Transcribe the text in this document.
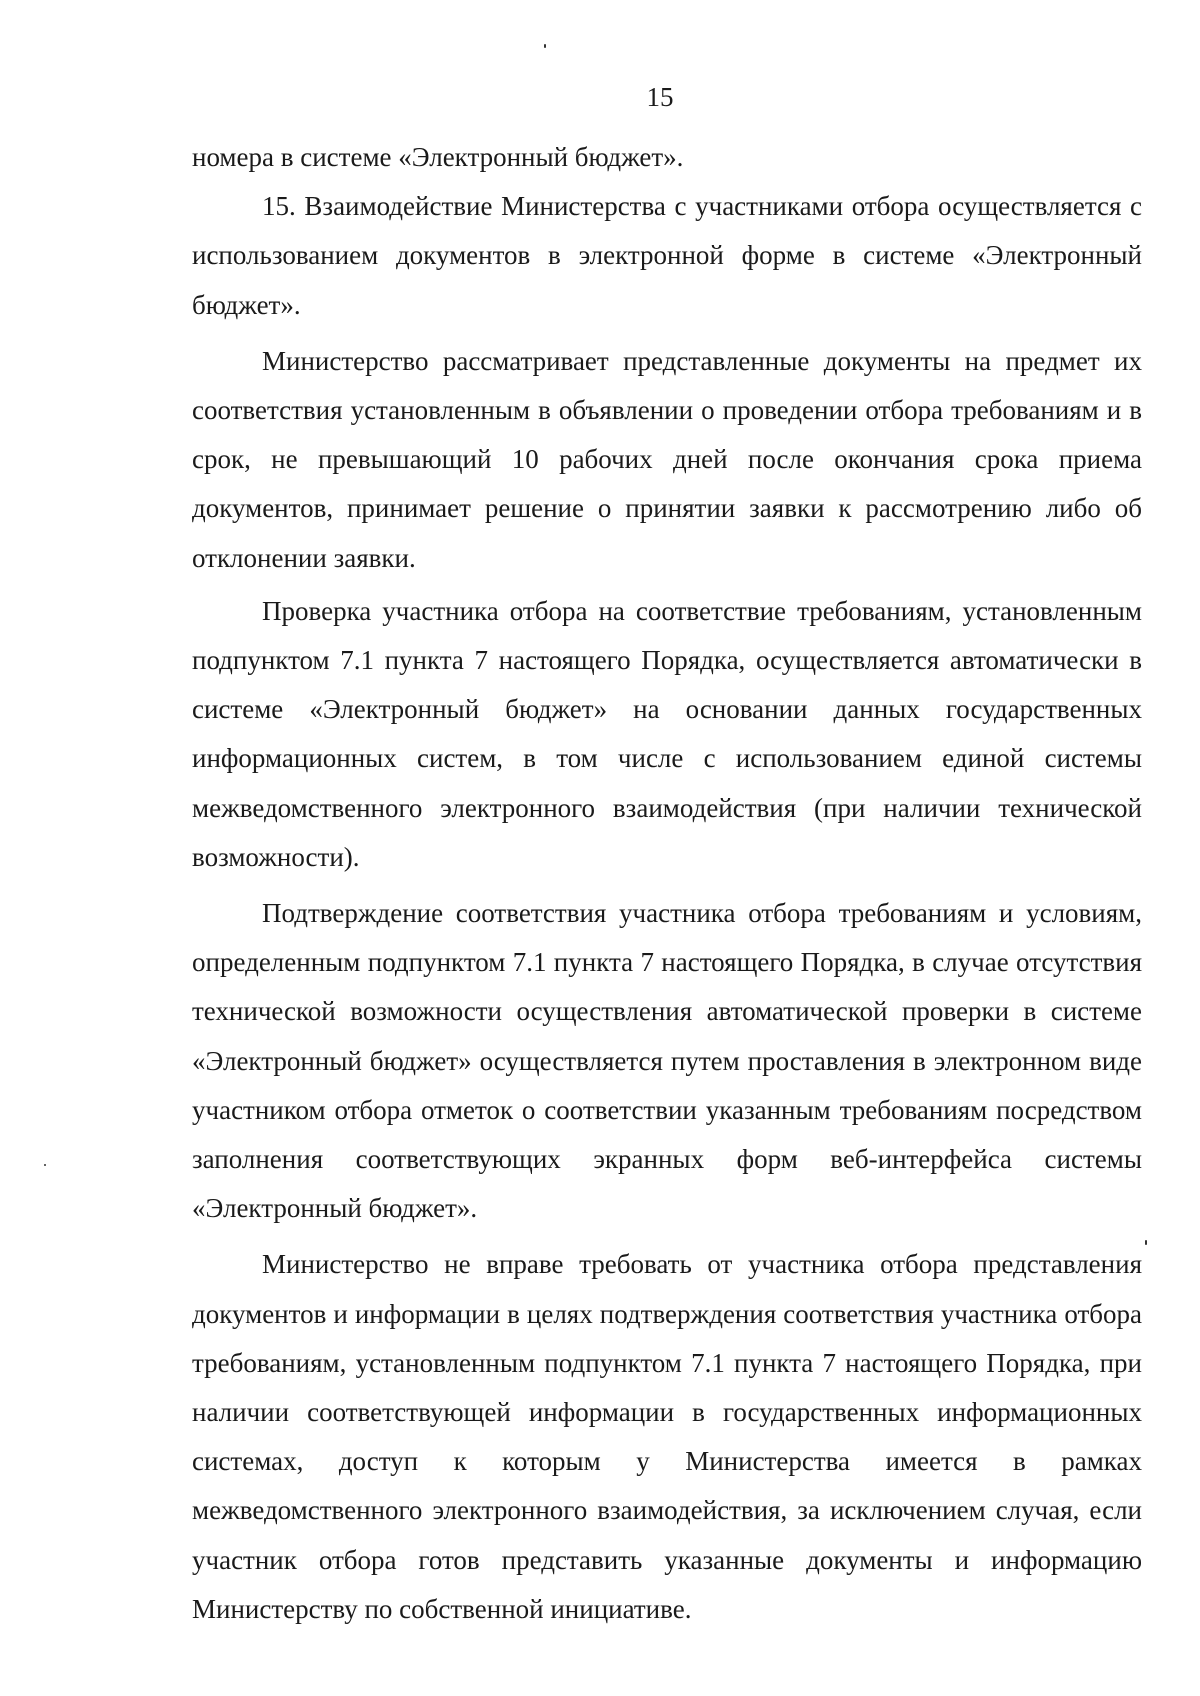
15

номера в системе «Электронный бюджет».

15. Взаимодействие Министерства с участниками отбора осуществляется с использованием документов в электронной форме в системе «Электронный бюджет».

Министерство рассматривает представленные документы на предмет их соответствия установленным в объявлении о проведении отбора требованиям и в срок, не превышающий 10 рабочих дней после окончания срока приема документов, принимает решение о принятии заявки к рассмотрению либо об отклонении заявки.

Проверка участника отбора на соответствие требованиям, установленным подпунктом 7.1 пункта 7 настоящего Порядка, осуществляется автоматически в системе «Электронный бюджет» на основании данных государственных информационных систем, в том числе с использованием единой системы межведомственного электронного взаимодействия (при наличии технической возможности).

Подтверждение соответствия участника отбора требованиям и условиям, определенным подпунктом 7.1 пункта 7 настоящего Порядка, в случае отсутствия технической возможности осуществления автоматической проверки в системе «Электронный бюджет» осуществляется путем проставления в электронном виде участником отбора отметок о соответствии указанным требованиям посредством заполнения соответствующих экранных форм веб-интерфейса системы «Электронный бюджет».

Министерство не вправе требовать от участника отбора представления документов и информации в целях подтверждения соответствия участника отбора требованиям, установленным подпунктом 7.1 пункта 7 настоящего Порядка, при наличии соответствующей информации в государственных информационных системах, доступ к которым у Министерства имеется в рамках межведомственного электронного взаимодействия, за исключением случая, если участник отбора готов представить указанные документы и информацию Министерству по собственной инициативе.
